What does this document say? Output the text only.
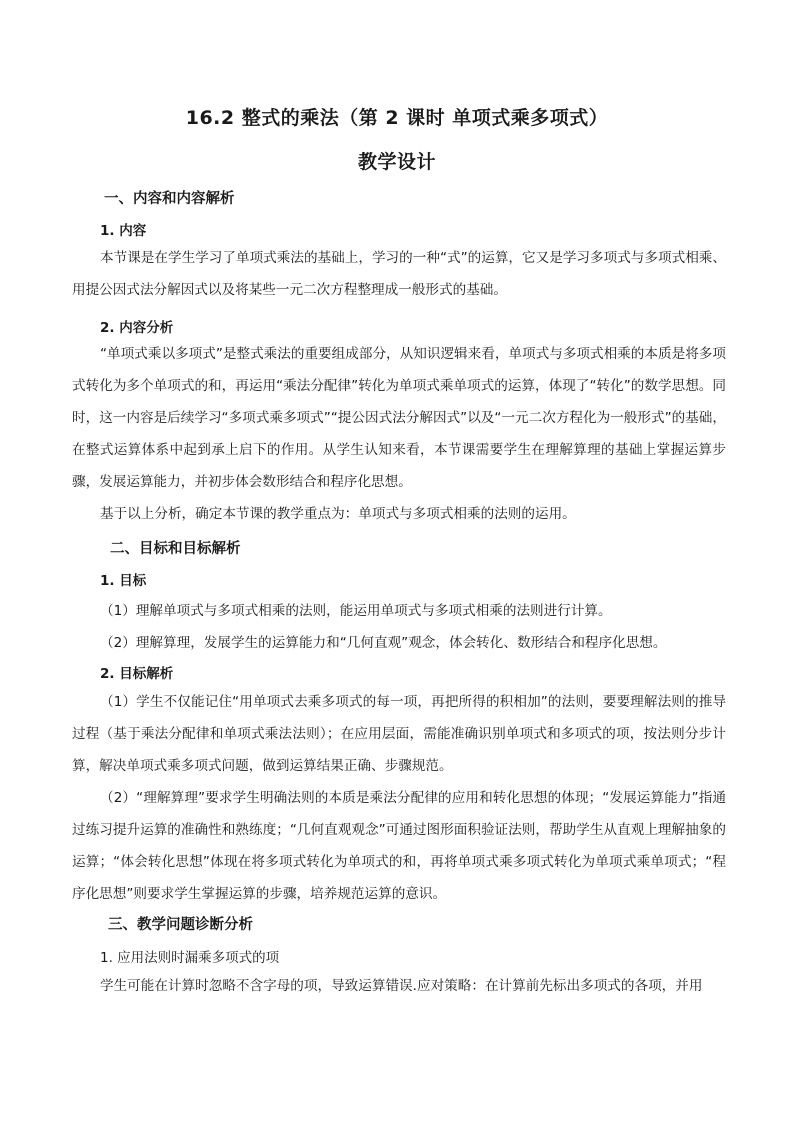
16.2 整式的乘法（第 2 课时 单项式乘多项式）
教学设计
一、内容和内容解析
1. 内容
本节课是在学生学习了单项式乘法的基础上，学习的一种“式”的运算，它又是学习多项式与多项式相乘、用提公因式法分解因式以及将某些一元二次方程整理成一般形式的基础。
2. 内容分析
“单项式乘以多项式”是整式乘法的重要组成部分，从知识逻辑来看，单项式与多项式相乘的本质是将多项式转化为多个单项式的和，再运用“乘法分配律”转化为单项式乘单项式的运算，体现了“转化”的数学思想。同时，这一内容是后续学习“多项式乘多项式”“提公因式法分解因式”以及“一元二次方程化为一般形式”的基础，在整式运算体系中起到承上启下的作用。从学生认知来看，本节课需要学生在理解算理的基础上掌握运算步骤，发展运算能力，并初步体会数形结合和程序化思想。
基于以上分析，确定本节课的教学重点为：单项式与多项式相乘的法则的运用。
二、目标和目标解析
1. 目标
（1）理解单项式与多项式相乘的法则，能运用单项式与多项式相乘的法则进行计算。
（2）理解算理，发展学生的运算能力和“几何直观”观念，体会转化、数形结合和程序化思想。
2. 目标解析
（1）学生不仅能记住“用单项式去乘多项式的每一项，再把所得的积相加”的法则，要要理解法则的推导过程（基于乘法分配律和单项式乘法法则）；在应用层面，需能准确识别单项式和多项式的项，按法则分步计算，解决单项式乘多项式问题，做到运算结果正确、步骤规范。
（2）“理解算理”要求学生明确法则的本质是乘法分配律的应用和转化思想的体现；“发展运算能力”指通过练习提升运算的准确性和熟练度；“几何直观观念”可通过图形面积验证法则，帮助学生从直观上理解抽象的运算；“体会转化思想”体现在将多项式转化为单项式的和，再将单项式乘多项式转化为单项式乘单项式；“程序化思想”则要求学生掌握运算的步骤，培养规范运算的意识。
三、教学问题诊断分析
1. 应用法则时漏乘多项式的项
学生可能在计算时忽略不含字母的项，导致运算错误.应对策略：在计算前先标出多项式的各项，并用
